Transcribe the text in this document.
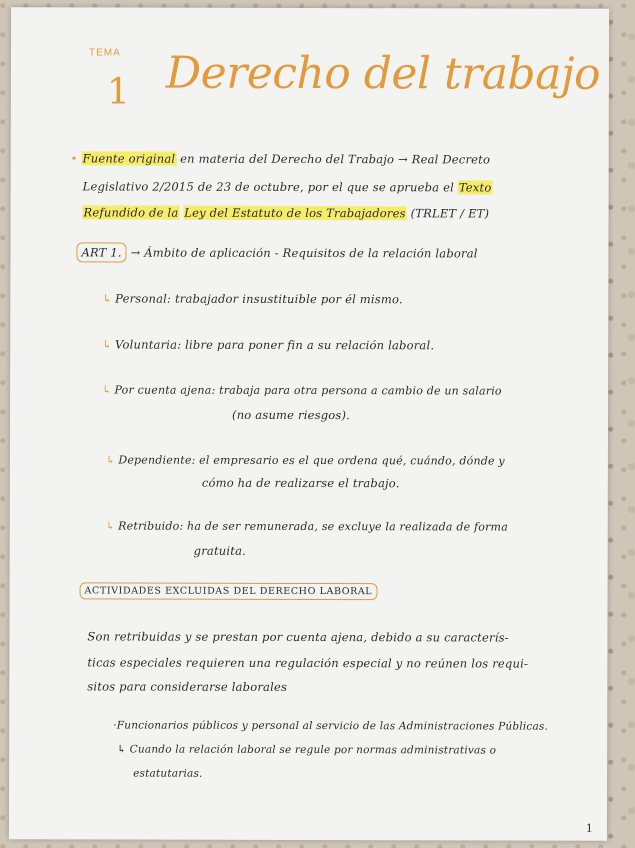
TEMA
1 Derecho del trabajo
• Fuente original en materia del Derecho del Trabajo → Real Decreto
Legislativo 2/2015 de 23 de octubre, por el que se aprueba el Texto
Refundido de la Ley del Estatuto de los Trabajadores (TRLET / ET)
ART 1. → Ámbito de aplicación - Requisitos de la relación laboral
↳ Personal: trabajador insustituible por él mismo.
↳ Voluntaria: libre para poner fin a su relación laboral.
↳ Por cuenta ajena: trabaja para otra persona a cambio de un salario
(no asume riesgos).
↳ Dependiente: el empresario es el que ordena qué, cuándo, dónde y
cómo ha de realizarse el trabajo.
↳ Retribuido: ha de ser remunerada, se excluye la realizada de forma
gratuita.
ACTIVIDADES EXCLUIDAS DEL DERECHO LABORAL
Son retribuidas y se prestan por cuenta ajena, debido a su caracterís-
ticas especiales requieren una regulación especial y no reúnen los requi-
sitos para considerarse laborales
·Funcionarios públicos y personal al servicio de las Administraciones Públicas.
↳ Cuando la relación laboral se regule por normas administrativas o
estatutarias.
1
